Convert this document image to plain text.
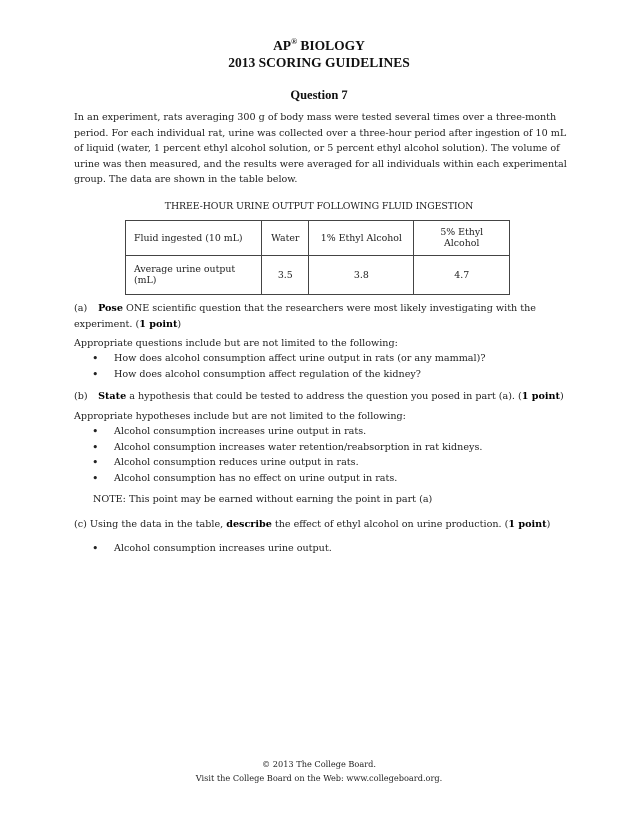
AP® BIOLOGY
2013 SCORING GUIDELINES
Question 7
In an experiment, rats averaging 300 g of body mass were tested several times over a three-month period. For each individual rat, urine was collected over a three-hour period after ingestion of 10 mL of liquid (water, 1 percent ethyl alcohol solution, or 5 percent ethyl alcohol solution). The volume of urine was then measured, and the results were averaged for all individuals within each experimental group. The data are shown in the table below.
THREE-HOUR URINE OUTPUT FOLLOWING FLUID INGESTION
Fluid ingested (10 mL)	Water	1% Ethyl Alcohol	5% Ethyl Alcohol
Average urine output (mL)	3.5	3.8	4.7
(a) Pose ONE scientific question that the researchers were most likely investigating with the experiment. (1 point)
Appropriate questions include but are not limited to the following:
• How does alcohol consumption affect urine output in rats (or any mammal)?
• How does alcohol consumption affect regulation of the kidney?
(b) State a hypothesis that could be tested to address the question you posed in part (a). (1 point)
Appropriate hypotheses include but are not limited to the following:
• Alcohol consumption increases urine output in rats.
• Alcohol consumption increases water retention/reabsorption in rat kidneys.
• Alcohol consumption reduces urine output in rats.
• Alcohol consumption has no effect on urine output in rats.
NOTE: This point may be earned without earning the point in part (a)
(c) Using the data in the table, describe the effect of ethyl alcohol on urine production. (1 point)
• Alcohol consumption increases urine output.
© 2013 The College Board.
Visit the College Board on the Web: www.collegeboard.org.
